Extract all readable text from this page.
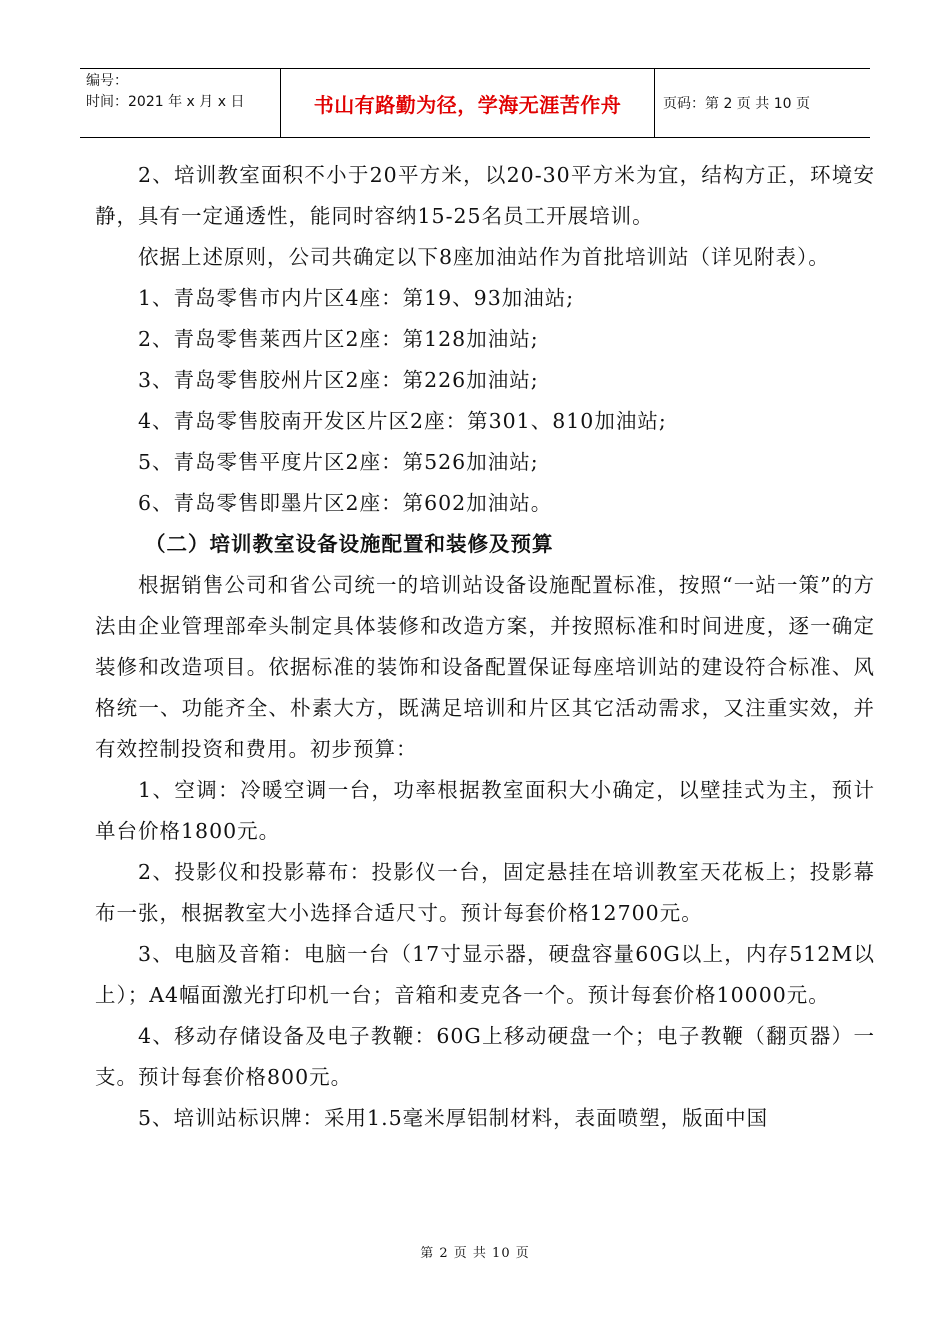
编号：
时间：2021 年 x 月 x 日	书山有路勤为径，学海无涯苦作舟	页码：第 2 页 共 10 页

2、培训教室面积不小于20平方米，以20-30平方米为宜，结构方正，环境安静，具有一定通透性，能同时容纳15-25名员工开展培训。

依据上述原则，公司共确定以下8座加油站作为首批培训站（详见附表）。

1、青岛零售市内片区4座：第19、93加油站;

2、青岛零售莱西片区2座：第128加油站;

3、青岛零售胶州片区2座：第226加油站;

4、青岛零售胶南开发区片区2座：第301、810加油站;

5、青岛零售平度片区2座：第526加油站;

6、青岛零售即墨片区2座：第602加油站。

（二）培训教室设备设施配置和装修及预算

根据销售公司和省公司统一的培训站设备设施配置标准，按照“一站一策”的方法由企业管理部牵头制定具体装修和改造方案，并按照标准和时间进度，逐一确定装修和改造项目。依据标准的装饰和设备配置保证每座培训站的建设符合标准、风格统一、功能齐全、朴素大方，既满足培训和片区其它活动需求，又注重实效，并有效控制投资和费用。初步预算：

1、空调：冷暖空调一台，功率根据教室面积大小确定，以壁挂式为主，预计单台价格1800元。

2、投影仪和投影幕布：投影仪一台，固定悬挂在培训教室天花板上；投影幕布一张，根据教室大小选择合适尺寸。预计每套价格12700元。

3、电脑及音箱：电脑一台（17寸显示器，硬盘容量60G以上，内存512M以上）；A4幅面激光打印机一台；音箱和麦克各一个。预计每套价格10000元。

4、移动存储设备及电子教鞭：60G上移动硬盘一个；电子教鞭（翻页器）一支。预计每套价格800元。

5、培训站标识牌：采用1.5毫米厚铝制材料，表面喷塑，版面中国

第 2 页 共 10 页
